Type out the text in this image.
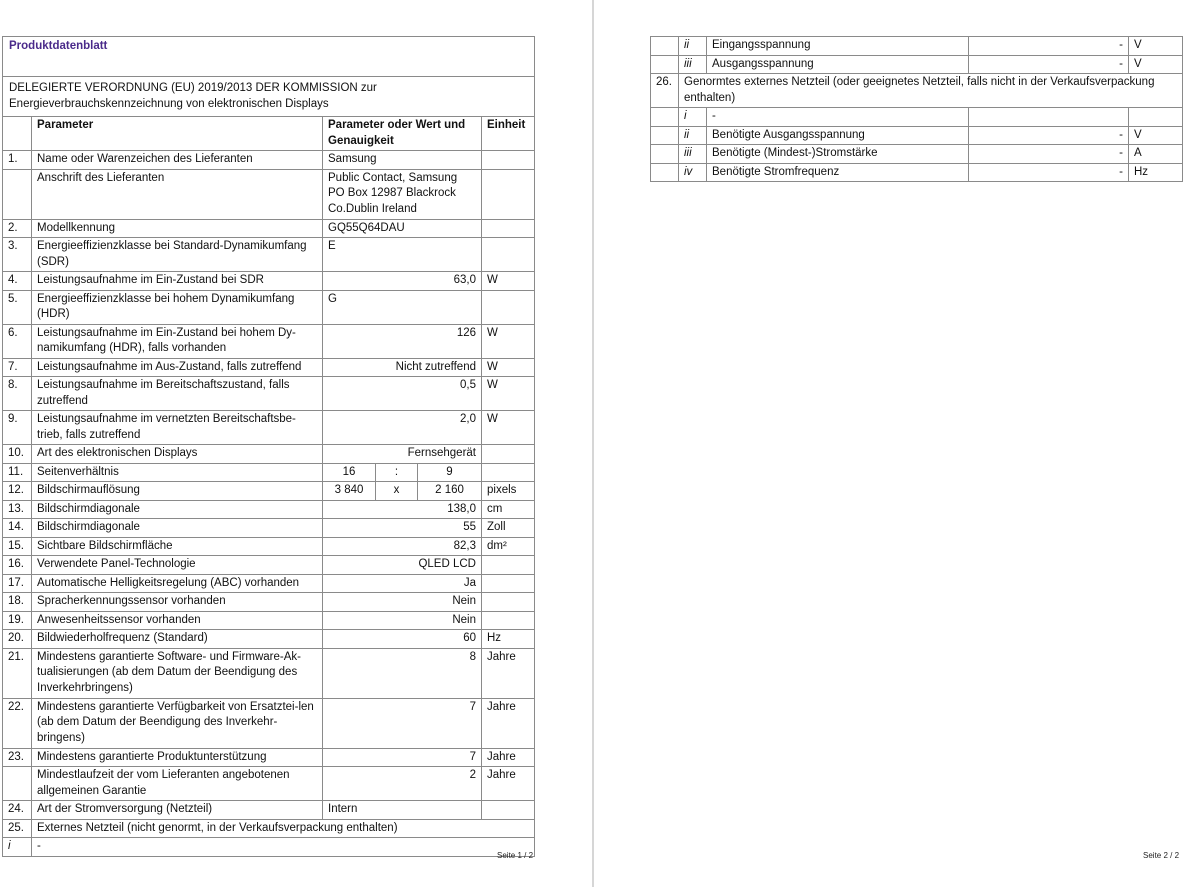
Produktdatenblatt					
DELEGIERTE VERORDNUNG (EU) 2019/2013 DER KOMMISSION zur Energieverbrauchskennzeichnung von elektronischen Displays					
	Parameter	Parameter oder Wert und Genauigkeit			Einheit
1.	Name oder Warenzeichen des Lieferanten	Samsung			
	Anschrift des Lieferanten	Public Contact, Samsung
PO Box 12987 Blackrock
Co.Dublin Ireland			

2.	Modellkennung	GQ55Q64DAU			
3.	Energieeffizienzklasse bei Standard-Dynamikumfang (SDR)	E			
4.	Leistungsaufnahme im Ein-Zustand bei SDR	63,0			W
5.	Energieeffizienzklasse bei hohem Dynamikumfang (HDR)	G			
6.	Leistungsaufnahme im Ein-Zustand bei hohem Dy-namikumfang (HDR), falls vorhanden	126			W
7.	Leistungsaufnahme im Aus-Zustand, falls zutreffend	Nicht zutreffend			W
8.	Leistungsaufnahme im Bereitschaftszustand, falls zutreffend	0,5			W
9.	Leistungsaufnahme im vernetzten Bereitschaftsbe-trieb, falls zutreffend	2,0			W
10.	Art des elektronischen Displays	Fernsehgerät			
11.	Seitenverhältnis	16	:	9	
12.	Bildschirmauflösung	3 840	x	2 160	pixels
13.	Bildschirmdiagonale	138,0			cm
14.	Bildschirmdiagonale	55			Zoll
15.	Sichtbare Bildschirmfläche	82,3			dm²
16.	Verwendete Panel-Technologie	QLED LCD			
17.	Automatische Helligkeitsregelung (ABC) vorhanden	Ja			
18.	Spracherkennungssensor vorhanden	Nein			
19.	Anwesenheitssensor vorhanden	Nein			
20.	Bildwiederholfrequenz (Standard)	60			Hz
21.	Mindestens garantierte Software- und Firmware-Ak-tualisierungen (ab dem Datum der Beendigung des Inverkehrbringens)	8			Jahre
22.	Mindestens garantierte Verfügbarkeit von Ersatztei-len (ab dem Datum der Beendigung des Inverkehr-bringens)	7			Jahre
23.	Mindestens garantierte Produktunterstützung	7			Jahre
	Mindestlaufzeit der vom Lieferanten angebotenen allgemeinen Garantie	2			Jahre
24.	Art der Stromversorgung (Netzteil)	Intern			
25.	Externes Netzteil (nicht genormt, in der Verkaufsverpackung enthalten)				
i	-				
Seite 1 / 2
	ii	Eingangsspannung	-	V
	iii	Ausgangsspannung	-	V
26.	Genormtes externes Netzteil (oder geeignetes Netzteil, falls nicht in der Verkaufsverpackung enthalten)			
	i	-		
	ii	Benötigte Ausgangsspannung	-	V
	iii	Benötigte (Mindest-)Stromstärke	-	A
	iv	Benötigte Stromfrequenz	-	Hz
Seite 2 / 2
